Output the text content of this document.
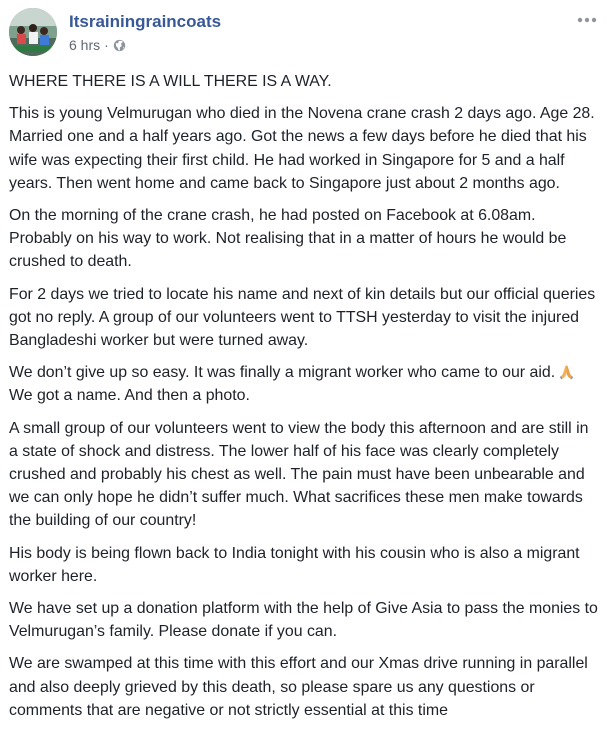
Itsrainingraincoats
6 hrs ·

WHERE THERE IS A WILL THERE IS A WAY.

This is young Velmurugan who died in the Novena crane crash 2 days ago. Age 28. Married one and a half years ago. Got the news a few days before he died that his wife was expecting their first child. He had worked in Singapore for 5 and a half years. Then went home and came back to Singapore just about 2 months ago.

On the morning of the crane crash, he had posted on Facebook at 6.08am. Probably on his way to work. Not realising that in a matter of hours he would be crushed to death.

For 2 days we tried to locate his name and next of kin details but our official queries got no reply. A group of our volunteers went to TTSH yesterday to visit the injured Bangladeshi worker but were turned away.

We don’t give up so easy. It was finally a migrant worker who came to our aid.We got a name. And then a photo.

A small group of our volunteers went to view the body this afternoon and are still in a state of shock and distress. The lower half of his face was clearly completely crushed and probably his chest as well. The pain must have been unbearable and we can only hope he didn’t suffer much. What sacrifices these men make towards the building of our country!

His body is being flown back to India tonight with his cousin who is also a migrant worker here.

We have set up a donation platform with the help of Give Asia to pass the monies to Velmurugan’s family. Please donate if you can.

We are swamped at this time with this effort and our Xmas drive running in parallel and also deeply grieved by this death, so please spare us any questions or comments that are negative or not strictly essential at this time
